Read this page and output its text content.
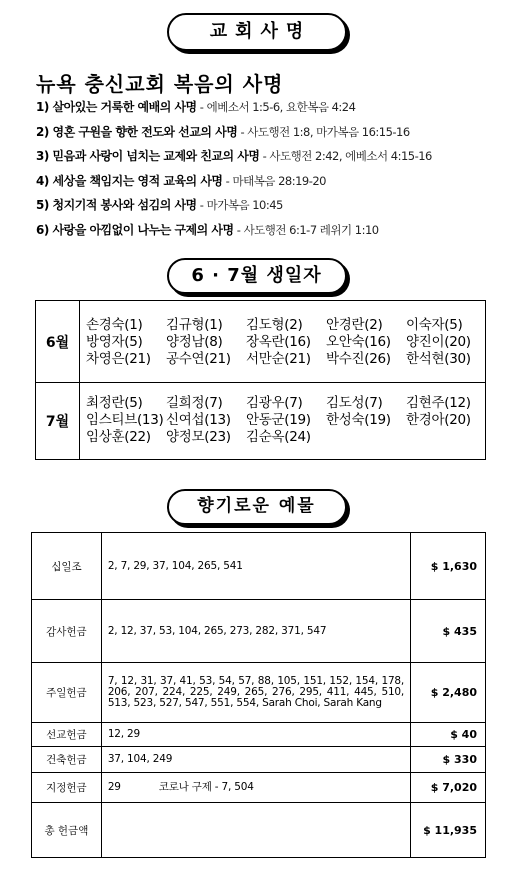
교회사명
뉴욕 충신교회 복음의 사명
1) 살아있는 거룩한 예배의 사명 - 에베소서 1:5-6, 요한복음 4:24
2) 영혼 구원을 향한 전도와 선교의 사명 - 사도행전 1:8, 마가복음 16:15-16
3) 믿음과 사랑이 넘치는 교제와 친교의 사명 - 사도행전 2:42, 에베소서 4:15-16
4) 세상을 책임지는 영적 교육의 사명 - 마태복음 28:19-20
5) 청지기적 봉사와 섬김의 사명 - 마가복음 10:45
6) 사랑을 아낌없이 나누는 구제의 사명 - 사도행전 6:1-7 레위기 1:10
6 · 7월 생일자
6월
손경숙(1)	김규형(1)	김도형(2)	안경란(2)	이숙자(5)
방영자(5)	양정남(8)	장옥란(16)	오안숙(16)	양진이(20)
차영은(21)	공수연(21)	서만순(21)	박수진(26)	한석현(30)
7월
최정란(5)	길희정(7)	김광우(7)	김도성(7)	김현주(12)
임스티브(13) 신여섭(13)	안동군(19)	한성숙(19)	한경아(20)
임상훈(22)	양정모(23)	김순옥(24)
향기로운 예물
십일조	2, 7, 29, 37, 104, 265, 541	$ 1,630
감사헌금	2, 12, 37, 53, 104, 265, 273, 282, 371, 547	$ 435
주일헌금	7, 12, 31, 37, 41, 53, 54, 57, 88, 105, 151, 152, 154, 178, 206, 207, 224, 225, 249, 265, 276, 295, 411, 445, 510, 513, 523, 527, 547, 551, 554, Sarah Choi, Sarah Kang	$ 2,480
선교헌금	12, 29	$ 40
건축헌금	37, 104, 249	$ 330
지정헌금	29 코로나 구제 - 7, 504	$ 7,020
총 헌금액		$ 11,935
